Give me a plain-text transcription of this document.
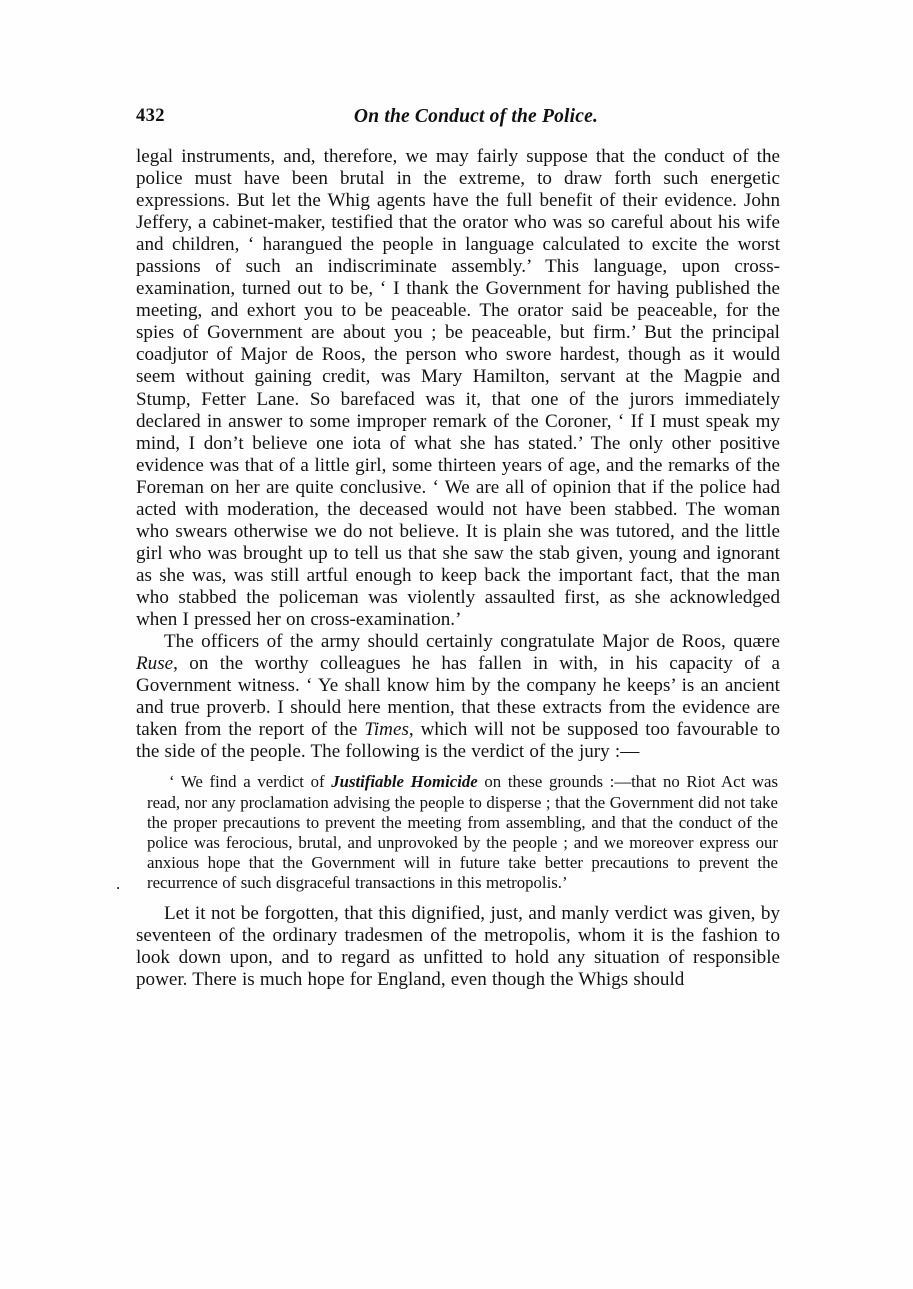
432	On the Conduct of the Police.

legal instruments, and, therefore, we may fairly suppose that the conduct of the police must have been brutal in the extreme, to draw forth such energetic expressions. But let the Whig agents have the full benefit of their evidence. John Jeffery, a cabinet-maker, testified that the orator who was so careful about his wife and children, ‘ harangued the people in language calculated to excite the worst passions of such an indiscriminate assembly.’ This language, upon cross-examination, turned out to be, ‘ I thank the Government for having published the meeting, and exhort you to be peaceable. The orator said be peaceable, for the spies of Government are about you ; be peaceable, but firm.’ But the principal coadjutor of Major de Roos, the person who swore hardest, though as it would seem without gaining credit, was Mary Hamilton, servant at the Magpie and Stump, Fetter Lane. So barefaced was it, that one of the jurors immediately declared in answer to some improper remark of the Coroner, ‘ If I must speak my mind, I don’t believe one iota of what she has stated.’ The only other positive evidence was that of a little girl, some thirteen years of age, and the remarks of the Foreman on her are quite conclusive. ‘ We are all of opinion that if the police had acted with moderation, the deceased would not have been stabbed. The woman who swears otherwise we do not believe. It is plain she was tutored, and the little girl who was brought up to tell us that she saw the stab given, young and ignorant as she was, was still artful enough to keep back the important fact, that the man who stabbed the policeman was violently assaulted first, as she acknowledged when I pressed her on cross-examination.’

The officers of the army should certainly congratulate Major de Roos, quære Ruse, on the worthy colleagues he has fallen in with, in his capacity of a Government witness. ‘ Ye shall know him by the company he keeps’ is an ancient and true proverb. I should here mention, that these extracts from the evidence are taken from the report of the Times, which will not be supposed too favourable to the side of the people. The following is the verdict of the jury :—

.

‘ We find a verdict of Justifiable Homicide on these grounds :—that no Riot Act was read, nor any proclamation advising the people to disperse ; that the Government did not take the proper precautions to prevent the meeting from assembling, and that the conduct of the police was ferocious, brutal, and unprovoked by the people ; and we moreover express our anxious hope that the Government will in future take better precautions to prevent the recurrence of such disgraceful transactions in this metropolis.’

Let it not be forgotten, that this dignified, just, and manly verdict was given, by seventeen of the ordinary tradesmen of the metropolis, whom it is the fashion to look down upon, and to regard as unfitted to hold any situation of responsible power. There is much hope for England, even though the Whigs should
